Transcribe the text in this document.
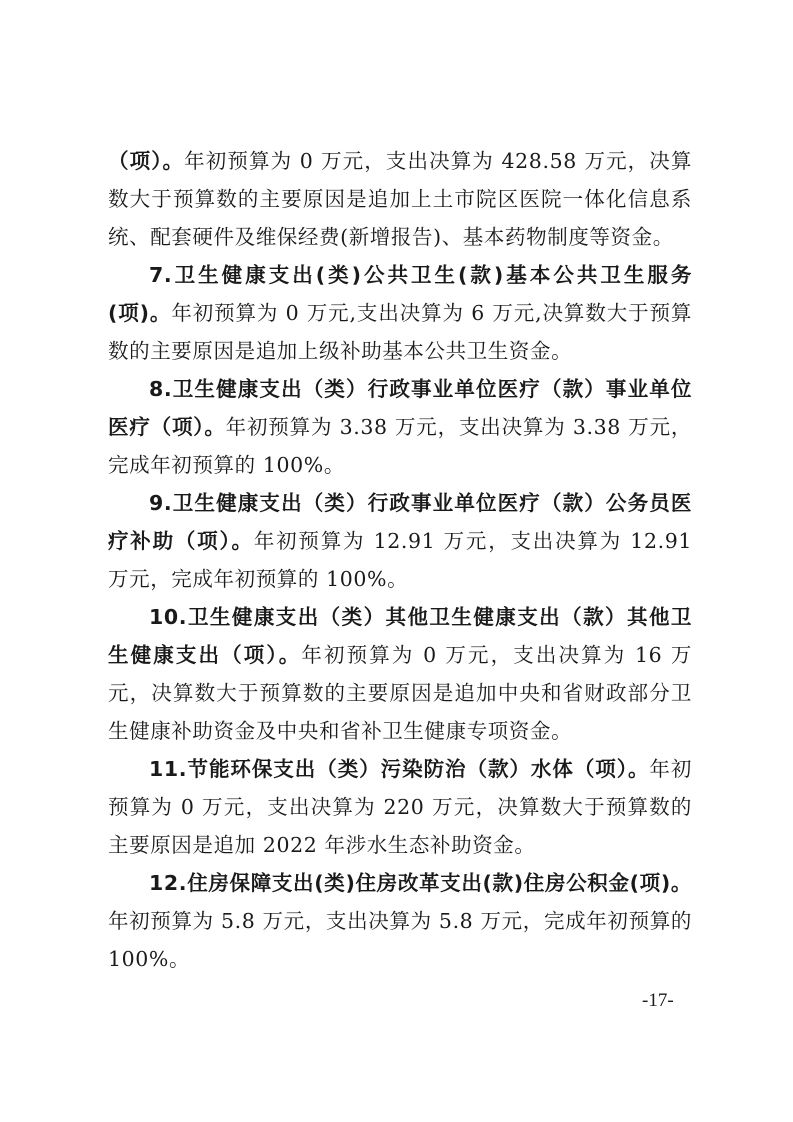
（项）。年初预算为 0 万元，支出决算为 428.58 万元，决算数大于预算数的主要原因是追加上土市院区医院一体化信息系统、配套硬件及维保经费(新增报告)、基本药物制度等资金。

7.卫生健康支出(类)公共卫生(款)基本公共卫生服务(项)。年初预算为 0 万元,支出决算为 6 万元,决算数大于预算数的主要原因是追加上级补助基本公共卫生资金。

8.卫生健康支出（类）行政事业单位医疗（款）事业单位医疗（项）。年初预算为 3.38 万元，支出决算为 3.38 万元，完成年初预算的 100%。

9.卫生健康支出（类）行政事业单位医疗（款）公务员医疗补助（项）。年初预算为 12.91 万元，支出决算为 12.91 万元，完成年初预算的 100%。

10.卫生健康支出（类）其他卫生健康支出（款）其他卫生健康支出（项）。年初预算为 0 万元，支出决算为 16 万元，决算数大于预算数的主要原因是追加中央和省财政部分卫生健康补助资金及中央和省补卫生健康专项资金。

11.节能环保支出（类）污染防治（款）水体（项）。年初预算为 0 万元，支出决算为 220 万元，决算数大于预算数的主要原因是追加 2022 年涉水生态补助资金。

12.住房保障支出(类)住房改革支出(款)住房公积金(项)。年初预算为 5.8 万元，支出决算为 5.8 万元，完成年初预算的 100%。

-17-
